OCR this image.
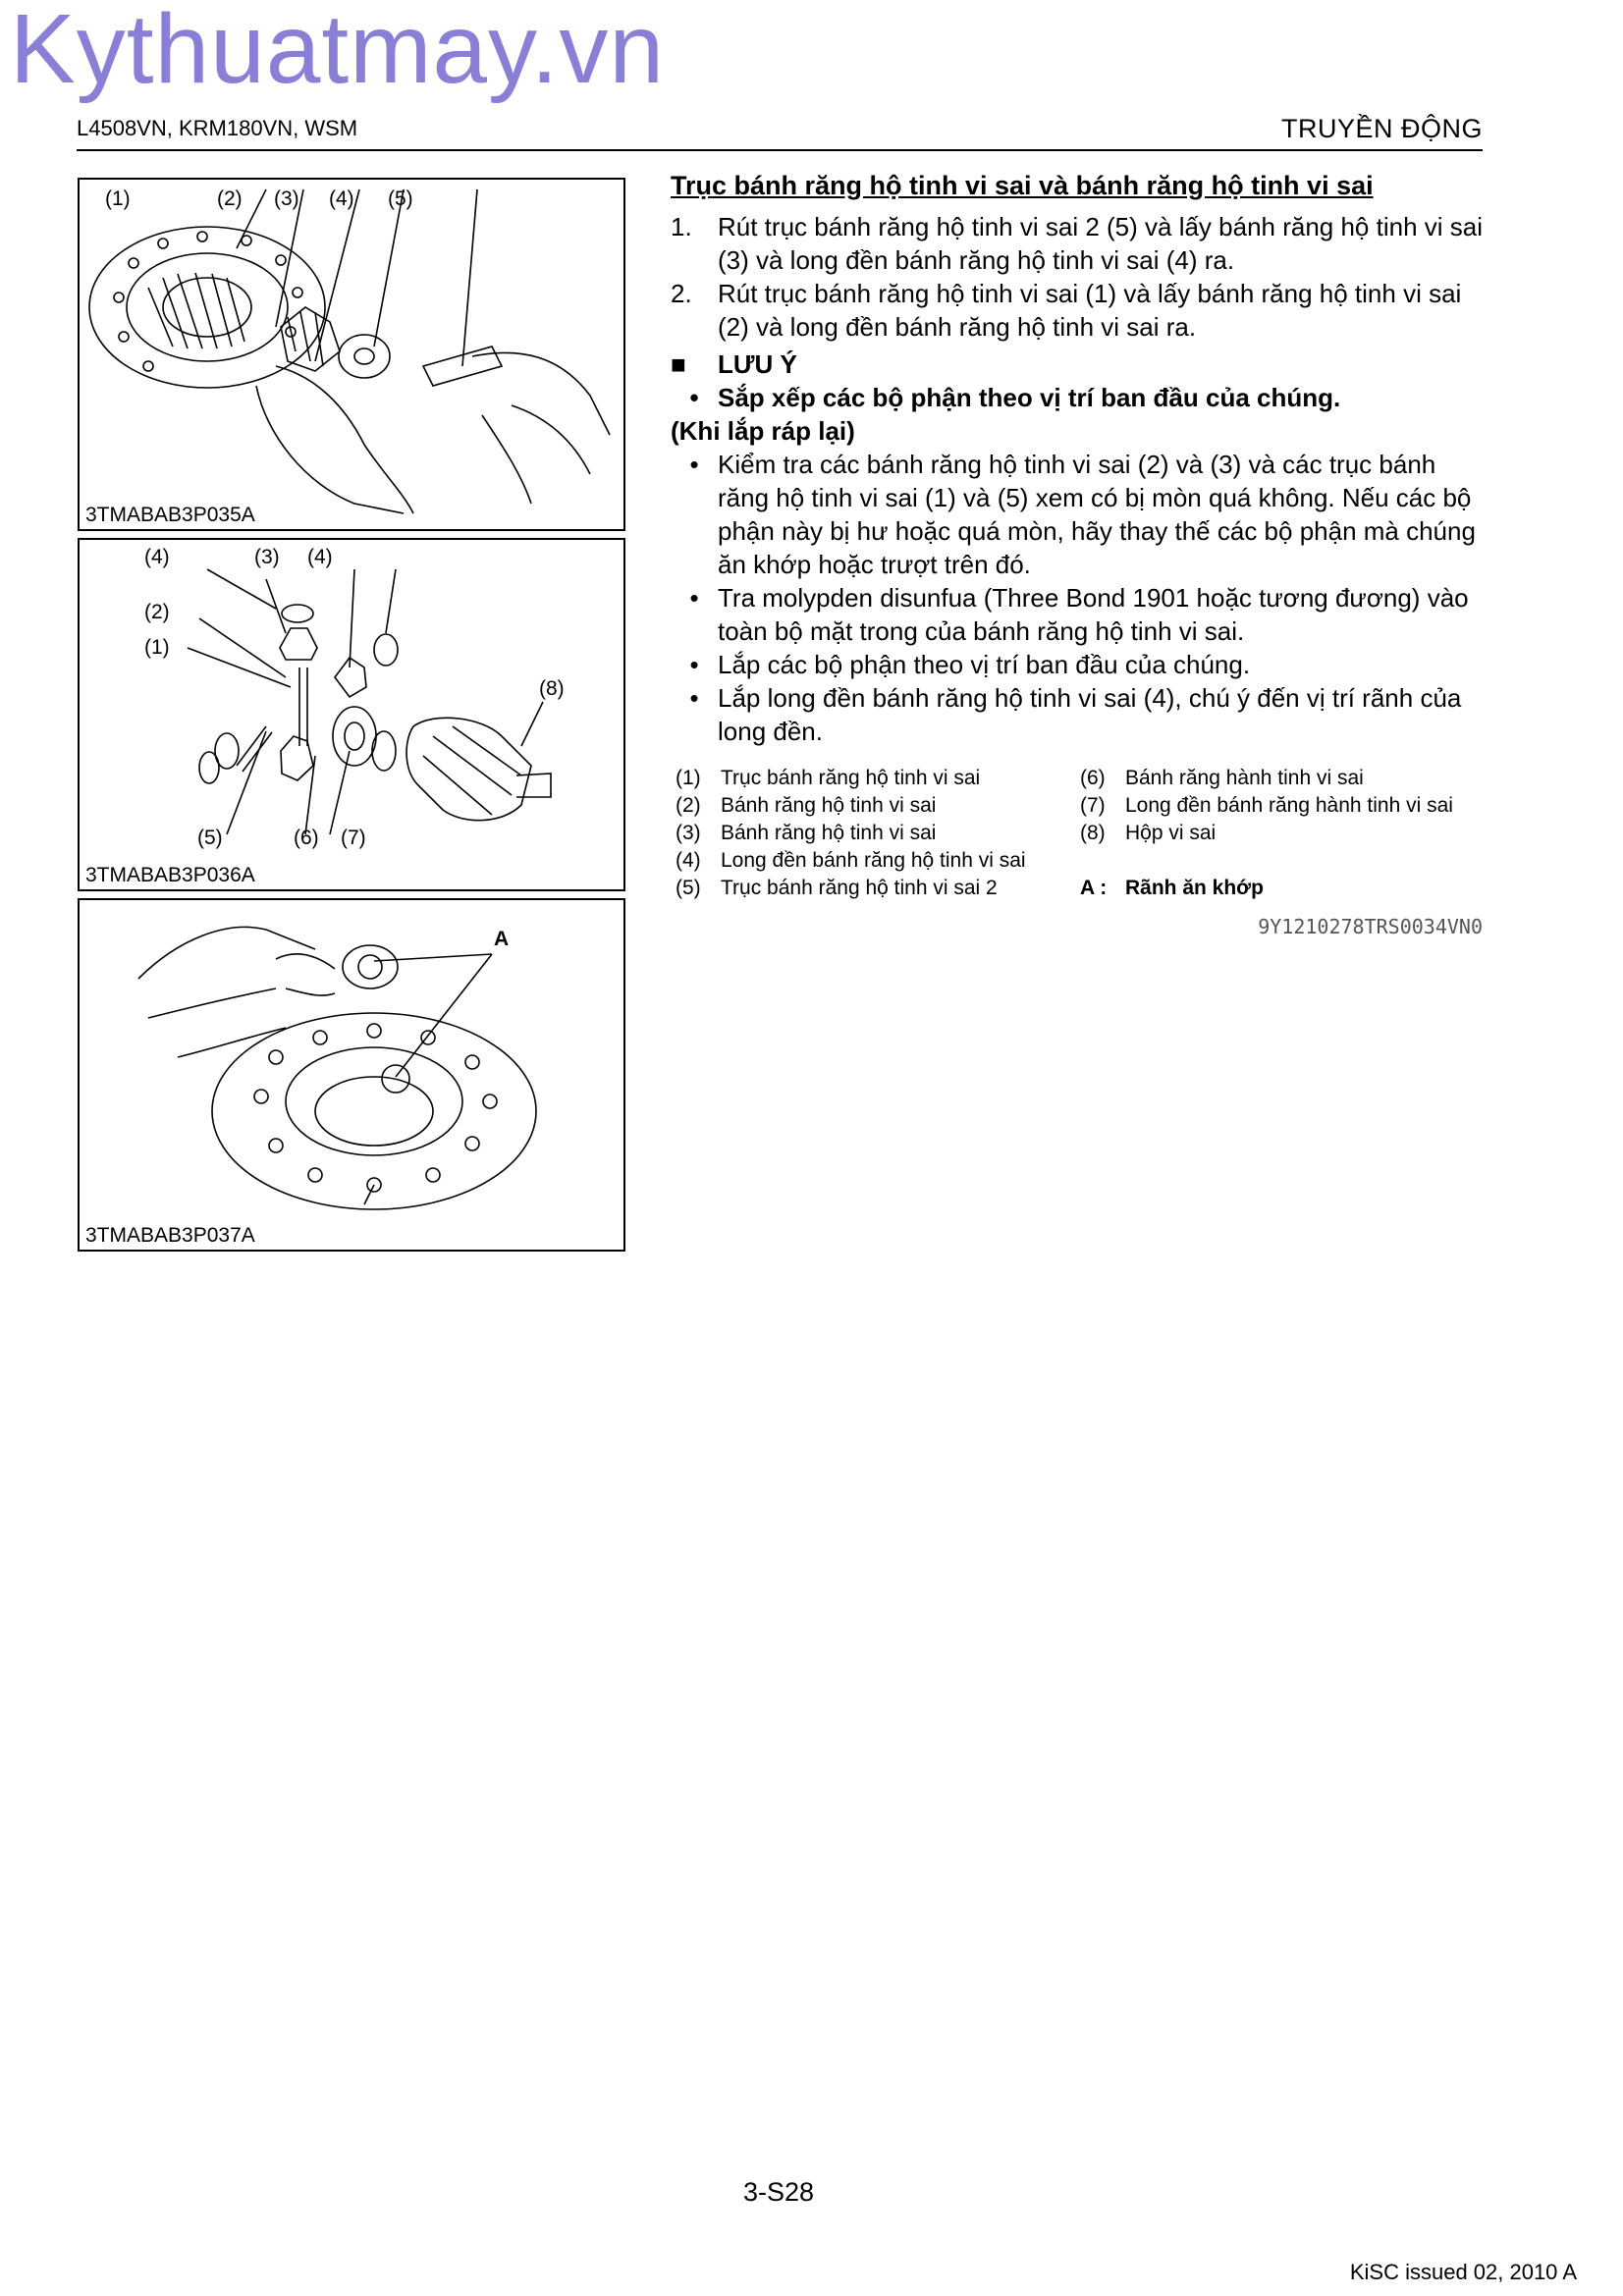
Kythuatmay.vn
L4508VN, KRM180VN, WSM	TRUYỀN ĐỘNG
(1)	(2) (3) (4) (5)
3TMABAB3P035A
(4)	(3) (4)
(2)
(1)
(8)
(5)	(6) (7)
3TMABAB3P036A
A
3TMABAB3P037A
Trục bánh răng hộ tinh vi sai và bánh răng hộ tinh vi sai
1.	Rút trục bánh răng hộ tinh vi sai 2 (5) và lấy bánh răng hộ tinh vi sai (3) và long đền bánh răng hộ tinh vi sai (4) ra.
2.	Rút trục bánh răng hộ tinh vi sai (1) và lấy bánh răng hộ tinh vi sai (2) và long đền bánh răng hộ tinh vi sai ra.
■	LƯU Ý
• Sắp xếp các bộ phận theo vị trí ban đầu của chúng.
(Khi lắp ráp lại)
• Kiểm tra các bánh răng hộ tinh vi sai (2) và (3) và các trục bánh răng hộ tinh vi sai (1) và (5) xem có bị mòn quá không. Nếu các bộ phận này bị hư hoặc quá mòn, hãy thay thế các bộ phận mà chúng ăn khớp hoặc trượt trên đó.
• Tra molypden disunfua (Three Bond 1901 hoặc tương đương) vào toàn bộ mặt trong của bánh răng hộ tinh vi sai.
• Lắp các bộ phận theo vị trí ban đầu của chúng.
• Lắp long đền bánh răng hộ tinh vi sai (4), chú ý đến vị trí rãnh của long đền.
(1) Trục bánh răng hộ tinh vi sai
(2) Bánh răng hộ tinh vi sai
(3) Bánh răng hộ tinh vi sai
(4) Long đền bánh răng hộ tinh vi sai
(5) Trục bánh răng hộ tinh vi sai 2
(6) Bánh răng hành tinh vi sai
(7) Long đền bánh răng hành tinh vi sai
(8) Hộp vi sai
A : Rãnh ăn khớp
9Y1210278TRS0034VN0
3-S28
KiSC issued 02, 2010 A
